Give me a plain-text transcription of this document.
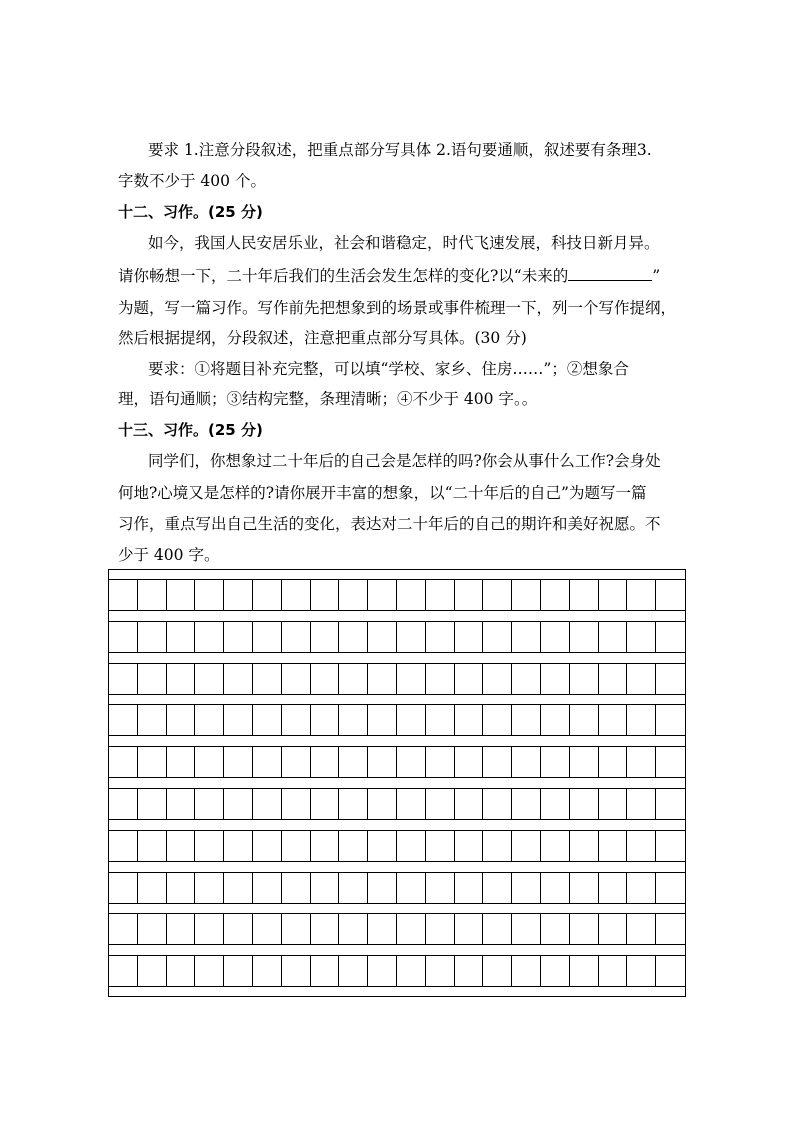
要求 1.注意分段叙述，把重点部分写具体 2.语句要通顺，叙述要有条理3.
字数不少于 400 个。
十二、习作。(25 分)
如今，我国人民安居乐业，社会和谐稳定，时代飞速发展，科技日新月异。
请你畅想一下，二十年后我们的生活会发生怎样的变化?以“未来的	”
为题，写一篇习作。写作前先把想象到的场景或事件梳理一下，列一个写作提纲，
然后根据提纲，分段叙述，注意把重点部分写具体。(30 分)
要求：①将题目补充完整，可以填“学校、家乡、住房……”；②想象合
理，语句通顺；③结构完整，条理清晰；④不少于 400 字。。
十三、习作。(25 分)
同学们，你想象过二十年后的自己会是怎样的吗?你会从事什么工作?会身处
何地?心境又是怎样的?请你展开丰富的想象，以“二十年后的自己”为题写一篇
习作，重点写出自己生活的变化，表达对二十年后的自己的期许和美好祝愿。不
少于 400 字。
